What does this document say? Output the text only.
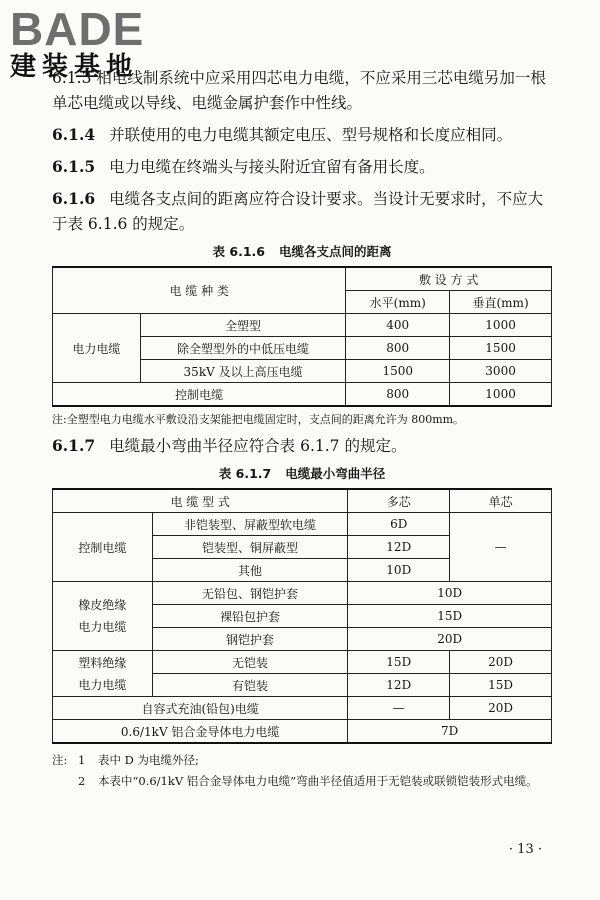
BADE
建装基地

6.1.3 相电线制系统中应采用四芯电力电缆，不应采用三芯电缆另加一根单芯电缆或以导线、电缆金属护套作中性线。

6.1.4 并联使用的电力电缆其额定电压、型号规格和长度应相同。

6.1.5 电力电缆在终端头与接头附近宜留有备用长度。

6.1.6 电缆各支点间的距离应符合设计要求。当设计无要求时，不应大于表 6.1.6 的规定。

表 6.1.6 电缆各支点间的距离
电 缆 种 类		敷 设 方 式	
		水平(mm)	垂直(mm)
电力电缆	全塑型	400	1000
	除全塑型外的中低压电缆	800	1500
	35kV 及以上高压电缆	1500	3000
控制电缆		800	1000

注:全塑型电力电缆水平敷设沿支架能把电缆固定时，支点间的距离允许为 800mm。

6.1.7 电缆最小弯曲半径应符合表 6.1.7 的规定。

表 6.1.7 电缆最小弯曲半径
电 缆 型 式		多芯	单芯
控制电缆	非铠装型、屏蔽型软电缆	6D	—
	铠装型、铜屏蔽型	12D	
	其他	10D	

橡皮绝缘
电力电缆	无铅包、钢铠护套	10D	
	裸铅包护套	15D	
	钢铠护套	20D	

塑料绝缘
电力电缆	无铠装	15D	20D
	有铠装	12D	15D
自容式充油(铅包)电缆		—	20D
0.6/1kV 铝合金导体电力电缆		7D	
注: 1	表中 D 为电缆外径;
2	本表中“0.6/1kV 铝合金导体电力电缆”弯曲半径值适用于无铠装或联锁铠装形式电缆。
· 13 ·
